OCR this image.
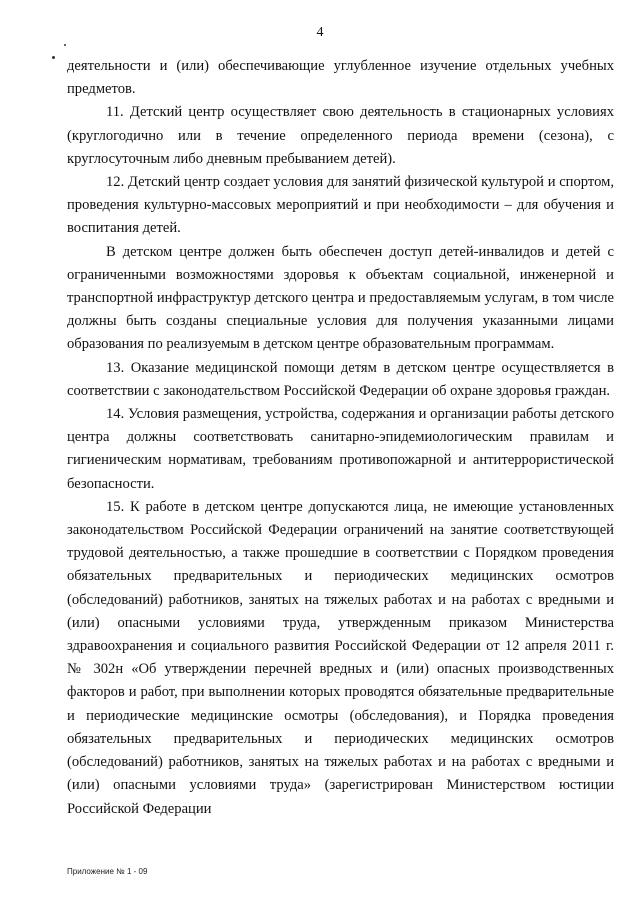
4

деятельности и (или) обеспечивающие углубленное изучение отдельных учебных предметов.

11. Детский центр осуществляет свою деятельность в стационарных условиях (круглогодично или в течение определенного периода времени (сезона), с круглосуточным либо дневным пребыванием детей).

12. Детский центр создает условия для занятий физической культурой и спортом, проведения культурно-массовых мероприятий и при необходимости – для обучения и воспитания детей.

В детском центре должен быть обеспечен доступ детей-инвалидов и детей с ограниченными возможностями здоровья к объектам социальной, инженерной и транспортной инфраструктур детского центра и предоставляемым услугам, в том числе должны быть созданы специальные условия для получения указанными лицами образования по реализуемым в детском центре образовательным программам.

13. Оказание медицинской помощи детям в детском центре осуществляется в соответствии с законодательством Российской Федерации об охране здоровья граждан.

14. Условия размещения, устройства, содержания и организации работы детского центра должны соответствовать санитарно-эпидемиологическим правилам и гигиеническим нормативам, требованиям противопожарной и антитеррористической безопасности.

15. К работе в детском центре допускаются лица, не имеющие установленных законодательством Российской Федерации ограничений на занятие соответствующей трудовой деятельностью, а также прошедшие в соответствии с Порядком проведения обязательных предварительных и периодических медицинских осмотров (обследований) работников, занятых на тяжелых работах и на работах с вредными и (или) опасными условиями труда, утвержденным приказом Министерства здравоохранения и социального развития Российской Федерации от 12 апреля 2011 г. № 302н «Об утверждении перечней вредных и (или) опасных производственных факторов и работ, при выполнении которых проводятся обязательные предварительные и периодические медицинские осмотры (обследования), и Порядка проведения обязательных предварительных и периодических медицинских осмотров (обследований) работников, занятых на тяжелых работах и на работах с вредными и (или) опасными условиями труда» (зарегистрирован Министерством юстиции Российской Федерации

Приложение № 1 - 09
